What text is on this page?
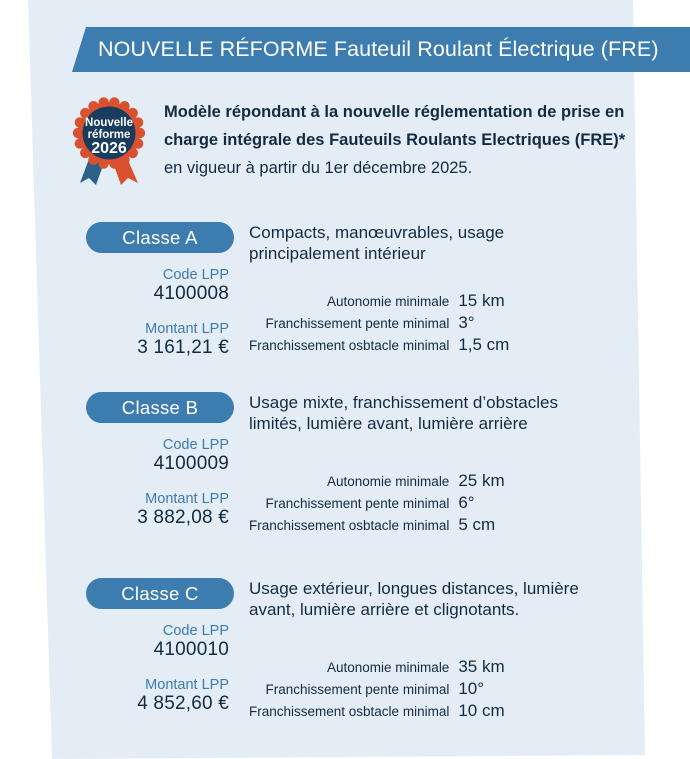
NOUVELLE RÉFORME Fauteuil Roulant Électrique (FRE)
Nouvelle
réforme
2026
Modèle répondant à la nouvelle réglementation de prise en charge intégrale des Fauteuils Roulants Electriques (FRE)* en vigueur à partir du 1er décembre 2025.
Classe A
Code LPP
4100008
Montant LPP
3 161,21 €
Compacts, manœuvrables, usage principalement intérieur
Autonomie minimale	15 km
Franchissement pente minimal	3°
Franchissement osbtacle minimal	1,5 cm
Classe B
Code LPP
4100009
Montant LPP
3 882,08 €
Usage mixte, franchissement d’obstacles limités, lumière avant, lumière arrière
Autonomie minimale	25 km
Franchissement pente minimal	6°
Franchissement osbtacle minimal	5 cm
Classe C
Code LPP
4100010
Montant LPP
4 852,60 €
Usage extérieur, longues distances, lumière avant, lumière arrière et clignotants.
Autonomie minimale	35 km
Franchissement pente minimal	10°
Franchissement osbtacle minimal	10 cm
